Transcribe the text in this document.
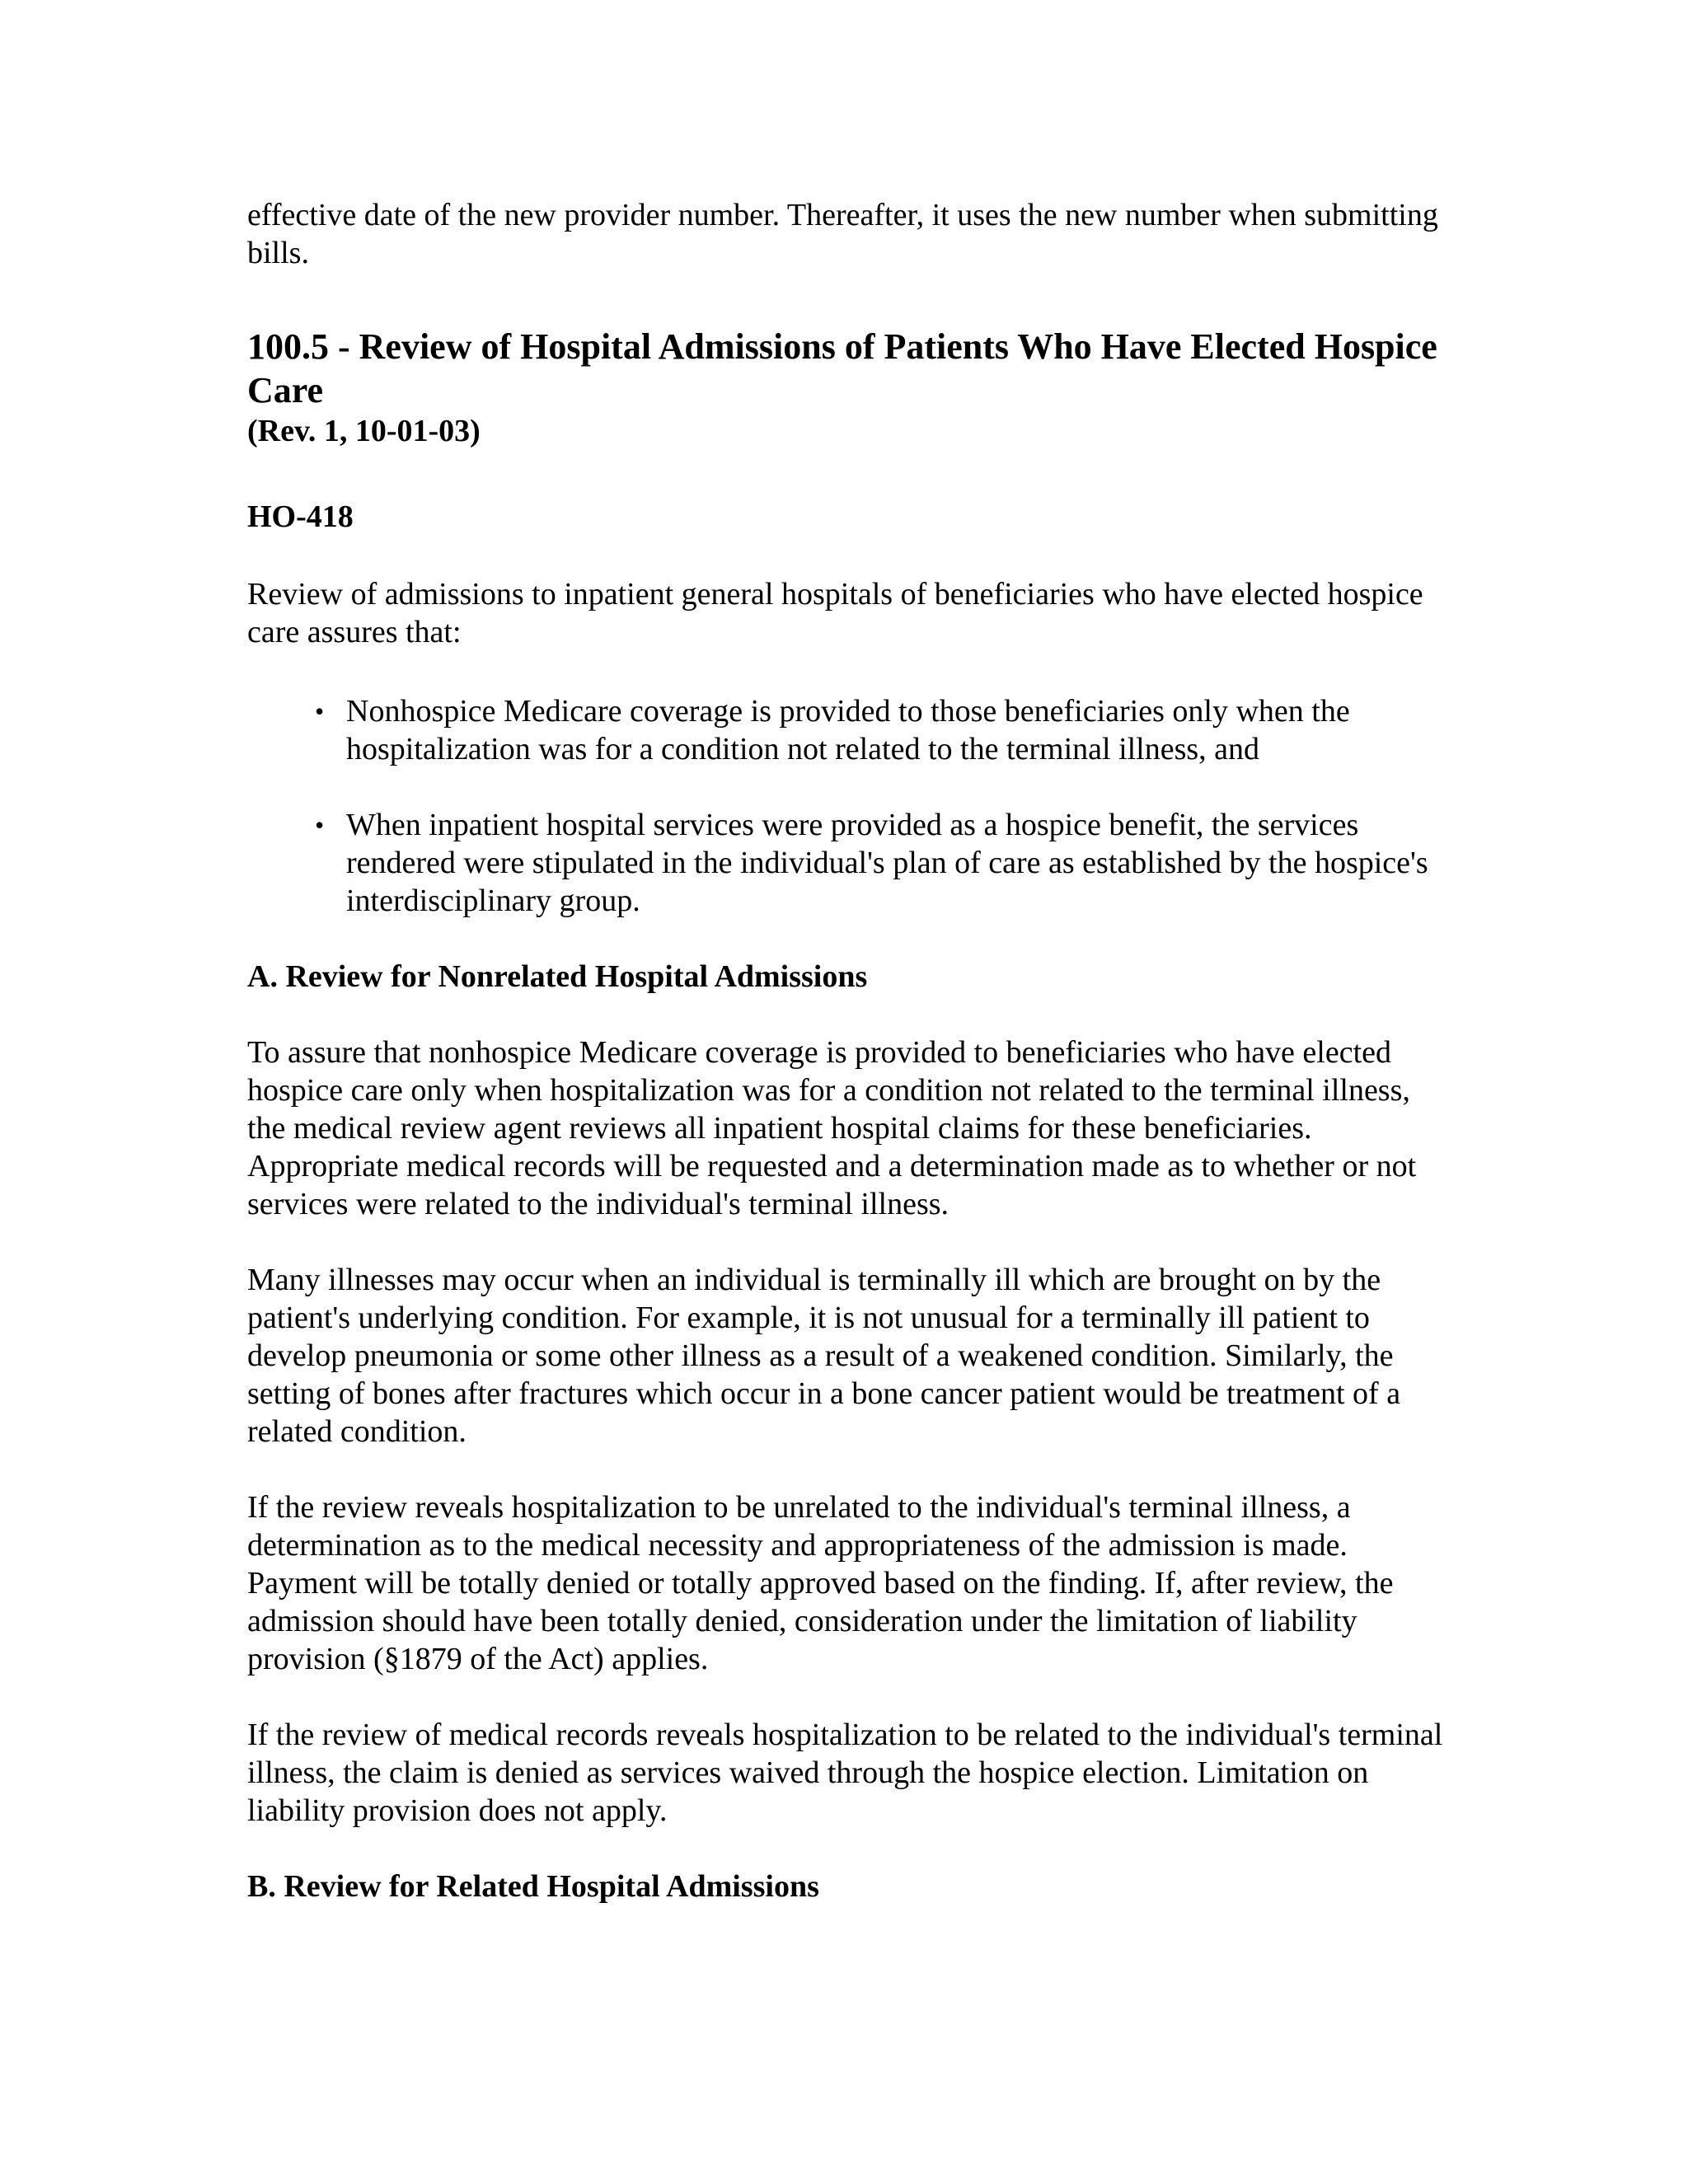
effective date of the new provider number. Thereafter, it uses the new number when submitting bills.

100.5 - Review of Hospital Admissions of Patients Who Have Elected Hospice Care

(Rev. 1, 10-01-03)

HO-418

Review of admissions to inpatient general hospitals of beneficiaries who have elected hospice care assures that:

• Nonhospice Medicare coverage is provided to those beneficiaries only when the hospitalization was for a condition not related to the terminal illness, and
• When inpatient hospital services were provided as a hospice benefit, the services rendered were stipulated in the individual's plan of care as established by the hospice's interdisciplinary group.
A. Review for Nonrelated Hospital Admissions

To assure that nonhospice Medicare coverage is provided to beneficiaries who have elected hospice care only when hospitalization was for a condition not related to the terminal illness, the medical review agent reviews all inpatient hospital claims for these beneficiaries. Appropriate medical records will be requested and a determination made as to whether or not services were related to the individual's terminal illness.

Many illnesses may occur when an individual is terminally ill which are brought on by the patient's underlying condition. For example, it is not unusual for a terminally ill patient to develop pneumonia or some other illness as a result of a weakened condition. Similarly, the setting of bones after fractures which occur in a bone cancer patient would be treatment of a related condition.

If the review reveals hospitalization to be unrelated to the individual's terminal illness, a determination as to the medical necessity and appropriateness of the admission is made. Payment will be totally denied or totally approved based on the finding. If, after review, the admission should have been totally denied, consideration under the limitation of liability provision (§1879 of the Act) applies.

If the review of medical records reveals hospitalization to be related to the individual's terminal illness, the claim is denied as services waived through the hospice election. Limitation on liability provision does not apply.

B. Review for Related Hospital Admissions
